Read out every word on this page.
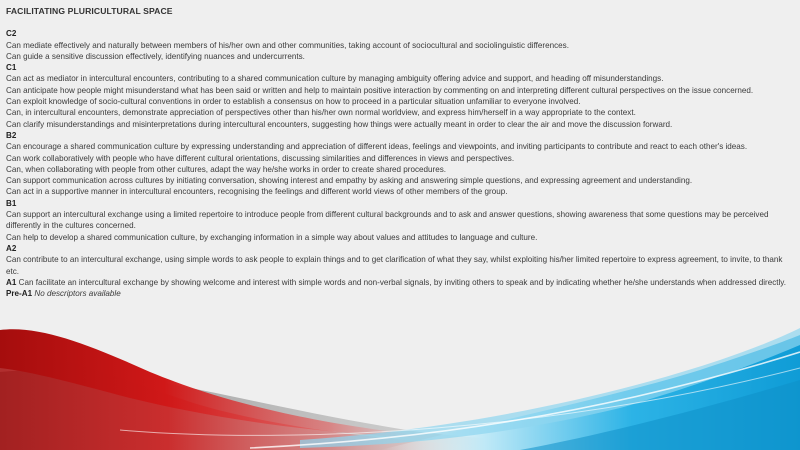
FACILITATING PLURICULTURAL SPACE

C2

Can mediate effectively and naturally between members of his/her own and other communities, taking account of sociocultural and sociolinguistic differences.

Can guide a sensitive discussion effectively, identifying nuances and undercurrents.

C1

Can act as mediator in intercultural encounters, contributing to a shared communication culture by managing ambiguity offering advice and support, and heading off misunderstandings.

Can anticipate how people might misunderstand what has been said or written and help to maintain positive interaction by commenting on and interpreting different cultural perspectives on the issue concerned.

Can exploit knowledge of socio-cultural conventions in order to establish a consensus on how to proceed in a particular situation unfamiliar to everyone involved.

Can, in intercultural encounters, demonstrate appreciation of perspectives other than his/her own normal worldview, and express him/herself in a way appropriate to the context.

Can clarify misunderstandings and misinterpretations during intercultural encounters, suggesting how things were actually meant in order to clear the air and move the discussion forward.

B2

Can encourage a shared communication culture by expressing understanding and appreciation of different ideas, feelings and viewpoints, and inviting participants to contribute and react to each other's ideas.

Can work collaboratively with people who have different cultural orientations, discussing similarities and differences in views and perspectives.

Can, when collaborating with people from other cultures, adapt the way he/she works in order to create shared procedures.

Can support communication across cultures by initiating conversation, showing interest and empathy by asking and answering simple questions, and expressing agreement and understanding.

Can act in a supportive manner in intercultural encounters, recognising the feelings and different world views of other members of the group.

B1

Can support an intercultural exchange using a limited repertoire to introduce people from different cultural backgrounds and to ask and answer questions, showing awareness that some questions may be perceived differently in the cultures concerned.

Can help to develop a shared communication culture, by exchanging information in a simple way about values and attitudes to language and culture.

A2

Can contribute to an intercultural exchange, using simple words to ask people to explain things and to get clarification of what they say, whilst exploiting his/her limited repertoire to express agreement, to invite, to thank etc.

A1 Can facilitate an intercultural exchange by showing welcome and interest with simple words and non-verbal signals, by inviting others to speak and by indicating whether he/she understands when addressed directly.

Pre-A1 No descriptors available
